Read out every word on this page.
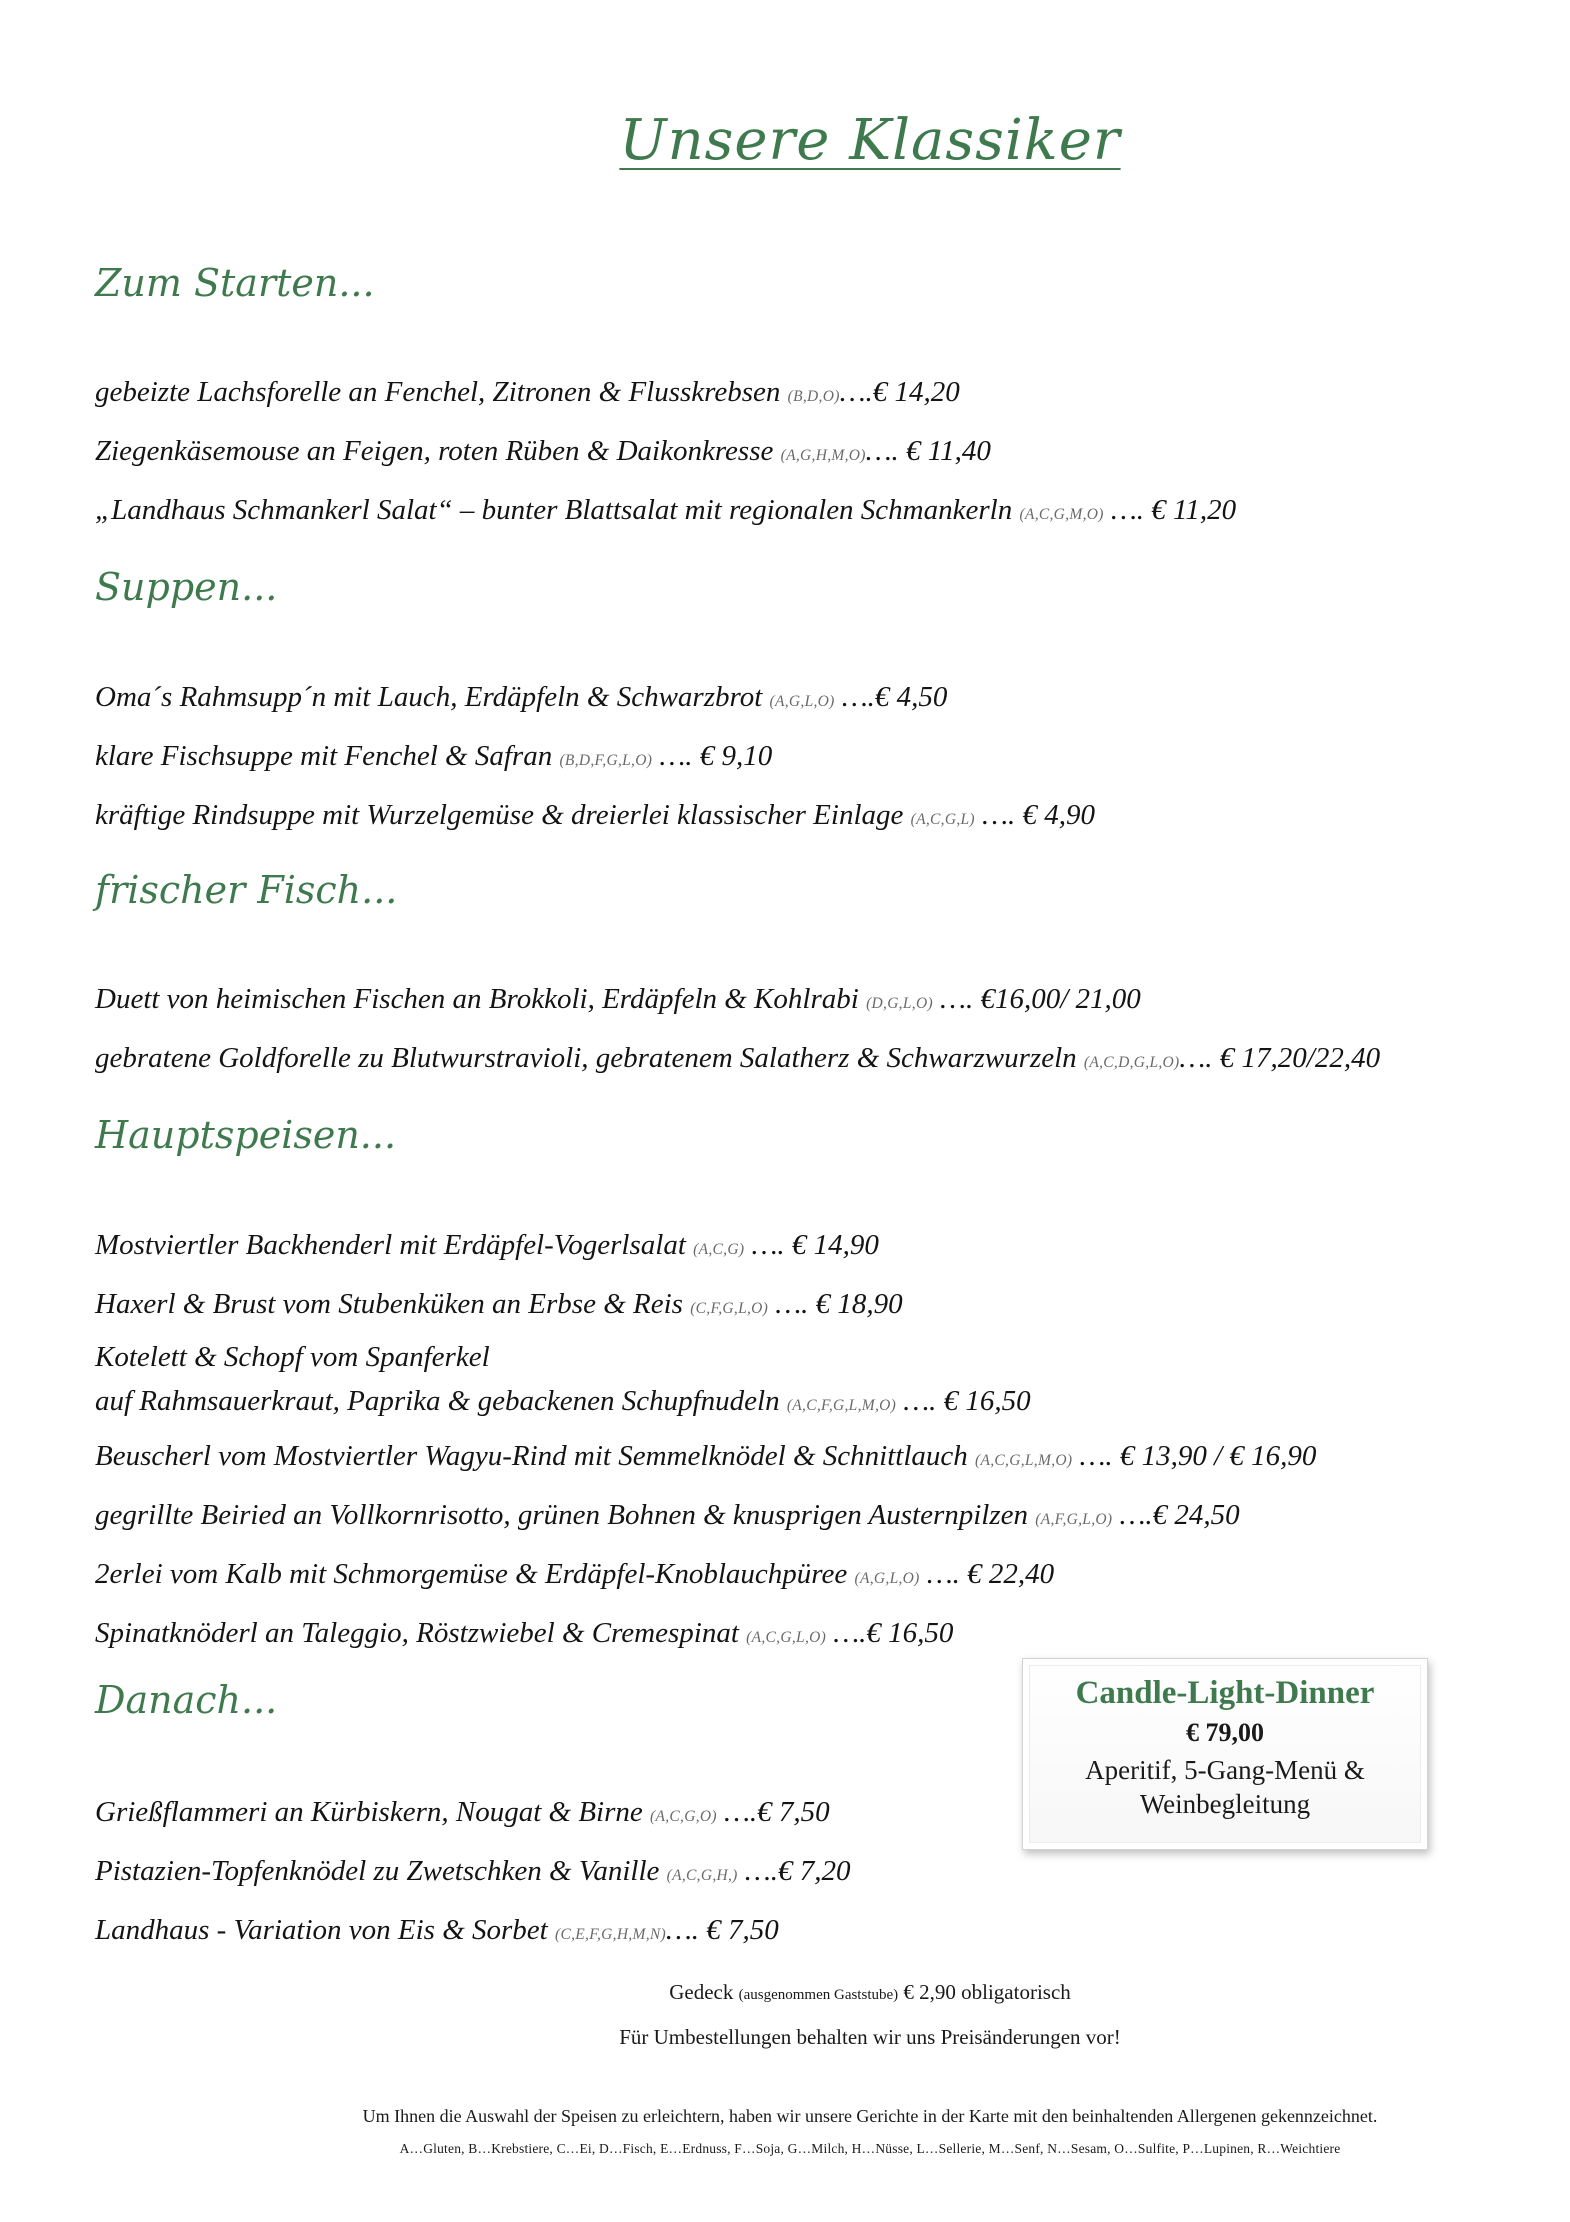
Unsere Klassiker
Zum Starten...
gebeizte Lachsforelle an Fenchel, Zitronen & Flusskrebsen (B,D,O)….€ 14,20
Ziegenkäsemouse an Feigen, roten Rüben & Daikonkresse (A,G,H,M,O)…. € 11,40
„Landhaus Schmankerl Salat“ – bunter Blattsalat mit regionalen Schmankerln (A,C,G,M,O) …. € 11,20
Suppen...
Oma´s Rahmsupp´n mit Lauch, Erdäpfeln & Schwarzbrot (A,G,L,O) ….€ 4,50
klare Fischsuppe mit Fenchel & Safran (B,D,F,G,L,O) …. € 9,10
kräftige Rindsuppe mit Wurzelgemüse & dreierlei klassischer Einlage (A,C,G,L) …. € 4,90
frischer Fisch...
Duett von heimischen Fischen an Brokkoli, Erdäpfeln & Kohlrabi (D,G,L,O) …. €16,00/ 21,00
gebratene Goldforelle zu Blutwurstravioli, gebratenem Salatherz & Schwarzwurzeln (A,C,D,G,L,O)…. € 17,20/22,40
Hauptspeisen...
Mostviertler Backhenderl mit Erdäpfel-Vogerlsalat (A,C,G) …. € 14,90
Haxerl & Brust vom Stubenküken an Erbse & Reis (C,F,G,L,O) …. € 18,90
Kotelett & Schopf vom Spanferkel
auf Rahmsauerkraut, Paprika & gebackenen Schupfnudeln (A,C,F,G,L,M,O) …. € 16,50
Beuscherl vom Mostviertler Wagyu-Rind mit Semmelknödel & Schnittlauch (A,C,G,L,M,O) …. € 13,90 / € 16,90
gegrillte Beiried an Vollkornrisotto, grünen Bohnen & knusprigen Austernpilzen (A,F,G,L,O) ….€ 24,50
2erlei vom Kalb mit Schmorgemüse & Erdäpfel-Knoblauchpüree (A,G,L,O) …. € 22,40
Spinatknöderl an Taleggio, Röstzwiebel & Cremespinat (A,C,G,L,O) ….€ 16,50
Danach...
Grießflammeri an Kürbiskern, Nougat & Birne (A,C,G,O) ….€ 7,50
Pistazien-Topfenknödel zu Zwetschken & Vanille (A,C,G,H,) ….€ 7,20
Landhaus - Variation von Eis & Sorbet (C,E,F,G,H,M,N)…. € 7,50
Candle-Light-Dinner
€ 79,00
Aperitif, 5-Gang-Menü & Weinbegleitung
Gedeck (ausgenommen Gaststube) € 2,90 obligatorisch
Für Umbestellungen behalten wir uns Preisänderungen vor!
Um Ihnen die Auswahl der Speisen zu erleichtern, haben wir unsere Gerichte in der Karte mit den beinhaltenden Allergenen gekennzeichnet.
A…Gluten, B…Krebstiere, C…Ei, D…Fisch, E…Erdnuss, F…Soja, G…Milch, H…Nüsse, L…Sellerie, M…Senf, N…Sesam, O…Sulfite, P…Lupinen, R…Weichtiere
